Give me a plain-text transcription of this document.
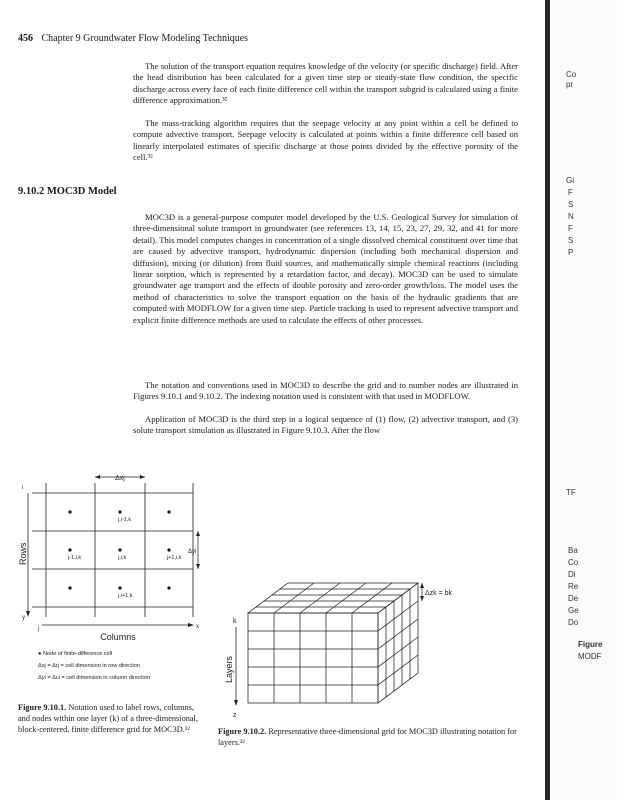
456 Chapter 9 Groundwater Flow Modeling Techniques

The solution of the transport equation requires knowledge of the velocity (or specific discharge) field. After the head distribution has been calculated for a given time step or steady-state flow condition, the specific discharge across every face of each finite difference cell within the transport subgrid is calculated using a finite difference approximation.³²

The mass-tracking algorithm requires that the seepage velocity at any point within a cell be defined to compute advective transport. Seepage velocity is calculated at points within a finite difference cell based on linearly interpolated estimates of specific discharge at those points divided by the effective porosity of the cell.³²

9.10.2 MOC3D Model

MOC3D is a general-purpose computer model developed by the U.S. Geological Survey for simulation of three-dimensional solute transport in groundwater (see references 13, 14, 15, 23, 27, 29, 32, and 41 for more detail). This model computes changes in concentration of a single dissolved chemical constituent over time that are caused by advective transport, hydrodynamic dispersion (including both mechanical dispersion and diffusion), mixing (or dilution) from fluid sources, and mathematically simple chemical reactions (including linear sorption, which is represented by a retardation factor, and decay). MOC3D can be used to simulate groundwater age transport and the effects of double porosity and zero-order growth/loss. The model uses the method of characteristics to solve the transport equation on the basis of the hydraulic gradients that are computed with MODFLOW for a given time step. Particle tracking is used to represent advective transport and explicit finite difference methods are used to calculate the effects of other processes.

The notation and conventions used in MOC3D to describe the grid and to number nodes are illustrated in Figures 9.10.1 and 9.10.2. The indexing notation used is consistent with that used in MODFLOW.

Application of MOC3D is the third step in a logical sequence of (1) flow, (2) advective transport, and (3) solute transport simulation as illustrated in Figure 9.10.3. After the flow

Δxj
Δyi
Rows
i
y
j	x
Columns
j,i-1,k
j-1,i,k	j,i,k	j+1,i,k
j,i+1,k
● Node of finite-difference cell
Δxj = Δrj = cell dimension in row direction
Δyi = Δci = cell dimension in column direction
Figure 9.10.1. Notation used to label rows, columns, and nodes within one layer (k) of a three-dimensional, block-centered, finite difference grid for MOC3D.³²
Δzk = bk
k
z
Layers
Figure 9.10.2. Representative three-dimensional grid for MOC3D illustrating notation for layers.³²
Co
pr
Gi
F
S
N
F
S
P
TF
Ba
Co
Di
Re
De
Ge
Do
Figure
MODF
